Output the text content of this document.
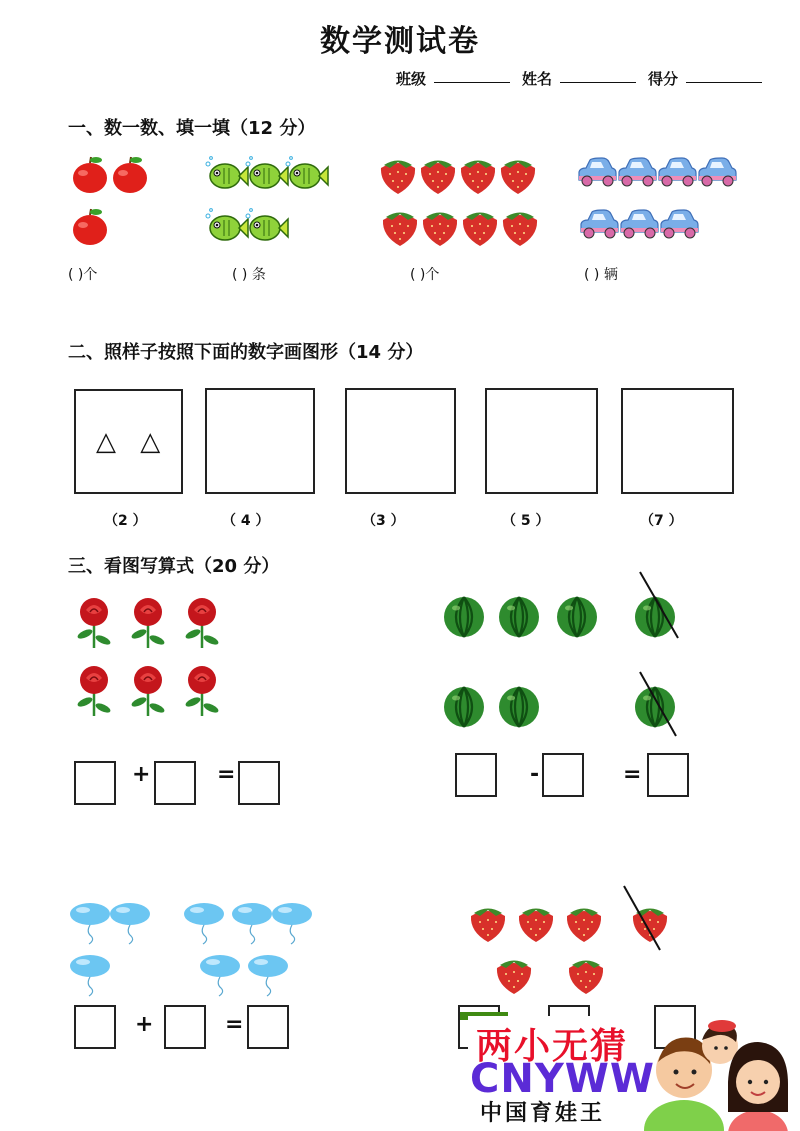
数学测试卷
班级	姓名	得分
一、数一数、填一填（12 分）
( )个	( ) 条	( )个	( ) 辆
二、照样子按照下面的数字画图形（14 分）
△ △
（2 ）	（ 4 ）	（3 ）	（ 5 ）	（7 ）
三、看图写算式（20 分）
+	=	-	=
+	=
两小无猜
CNYWW
中国育娃王
